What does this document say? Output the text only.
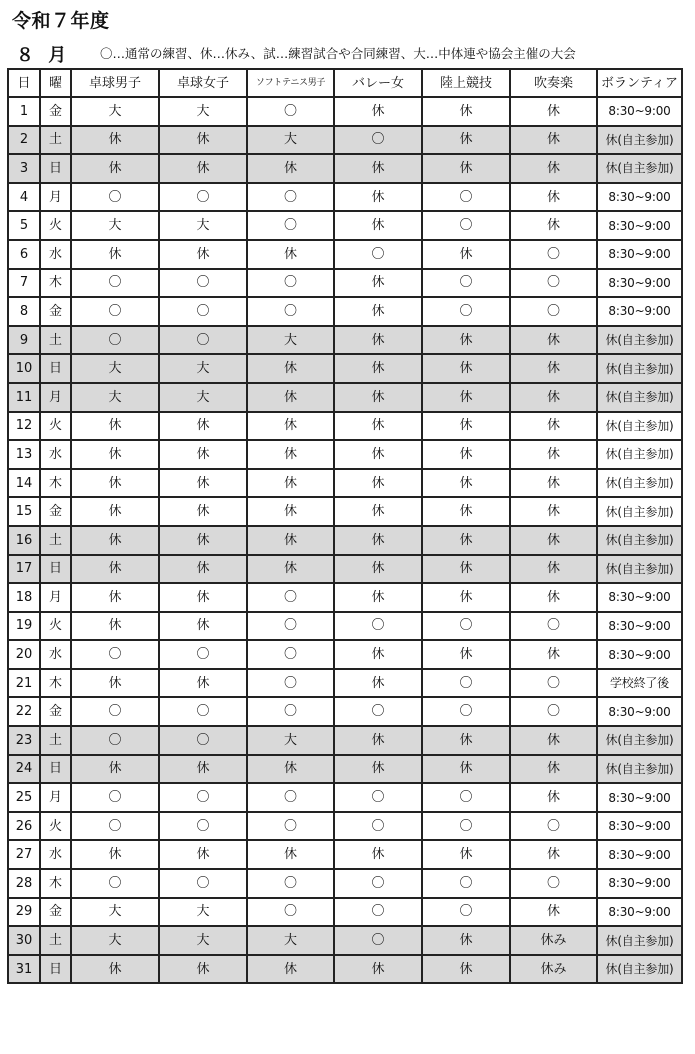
令和７年度
８ 月	〇…通常の練習、休…休み、試…練習試合や合同練習、大…中体連や協会主催の大会
日	曜	卓球男子	卓球女子	ソフトテニス男子	バレー女	陸上競技	吹奏楽	ボランティア
1	金	大	大	〇	休	休	休	8:30~9:00
2	土	休	休	大	〇	休	休	休(自主参加)
3	日	休	休	休	休	休	休	休(自主参加)
4	月	〇	〇	〇	休	〇	休	8:30~9:00
5	火	大	大	〇	休	〇	休	8:30~9:00
6	水	休	休	休	〇	休	〇	8:30~9:00
7	木	〇	〇	〇	休	〇	〇	8:30~9:00
8	金	〇	〇	〇	休	〇	〇	8:30~9:00
9	土	〇	〇	大	休	休	休	休(自主参加)
10	日	大	大	休	休	休	休	休(自主参加)
11	月	大	大	休	休	休	休	休(自主参加)
12	火	休	休	休	休	休	休	休(自主参加)
13	水	休	休	休	休	休	休	休(自主参加)
14	木	休	休	休	休	休	休	休(自主参加)
15	金	休	休	休	休	休	休	休(自主参加)
16	土	休	休	休	休	休	休	休(自主参加)
17	日	休	休	休	休	休	休	休(自主参加)
18	月	休	休	〇	休	休	休	8:30~9:00
19	火	休	休	〇	〇	〇	〇	8:30~9:00
20	水	〇	〇	〇	休	休	休	8:30~9:00
21	木	休	休	〇	休	〇	〇	学校終了後
22	金	〇	〇	〇	〇	〇	〇	8:30~9:00
23	土	〇	〇	大	休	休	休	休(自主参加)
24	日	休	休	休	休	休	休	休(自主参加)
25	月	〇	〇	〇	〇	〇	休	8:30~9:00
26	火	〇	〇	〇	〇	〇	〇	8:30~9:00
27	水	休	休	休	休	休	休	8:30~9:00
28	木	〇	〇	〇	〇	〇	〇	8:30~9:00
29	金	大	大	〇	〇	〇	休	8:30~9:00
30	土	大	大	大	〇	休	休み	休(自主参加)
31	日	休	休	休	休	休	休み	休(自主参加)
